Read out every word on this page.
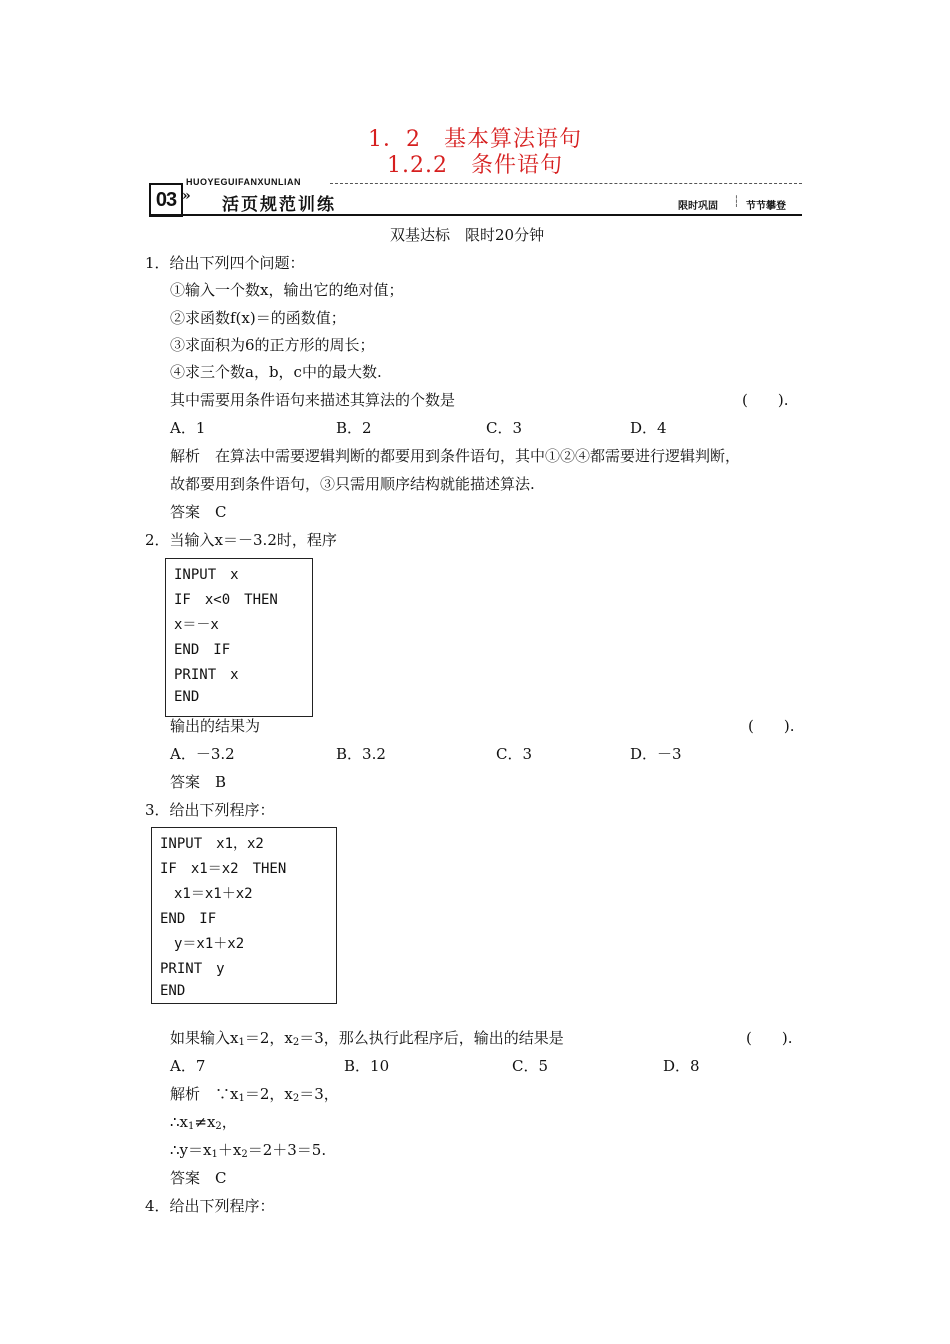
1．2　基本算法语句
1.2.2　条件语句
HUOYEGUIFANXUNLIAN
03 » 活页规范训练	限时巩固 ┆ 节节攀登
双基达标　限时20分钟
1．给出下列四个问题：
①输入一个数x，输出它的绝对值；
②求函数f(x)＝的函数值；
③求面积为6的正方形的周长；
④求三个数a，b，c中的最大数.
其中需要用条件语句来描述其算法的个数是	(　　).
A．1	B．2	C．3	D．4
解析　在算法中需要逻辑判断的都要用到条件语句，其中①②④都需要进行逻辑判断，
故都要用到条件语句，③只需用顺序结构就能描述算法.
答案　C
2．当输入x＝－3.2时，程序
INPUT　x
IF　x<0　THEN
x＝－x
END　IF
PRINT　x
END
输出的结果为	(　　).
A．－3.2	B．3.2	C．3	D．－3
答案　B
3．给出下列程序：
INPUT　x1，x2
IF　x1＝x2　THEN
　x1＝x1＋x2
END　IF
　y＝x1＋x2
PRINT　y
END
如果输入$x_1=2$，$x_2=3$，那么执行此程序后，输出的结果是	(　　).
A．7	B．10	C．5	D．8
解析　$\because x_1=2$，$x_2=3$，
$\therefore x_1\ne x_2$，
$\therefore y=x_1+x_2=2+3=5$.
答案　C
4．给出下列程序：
